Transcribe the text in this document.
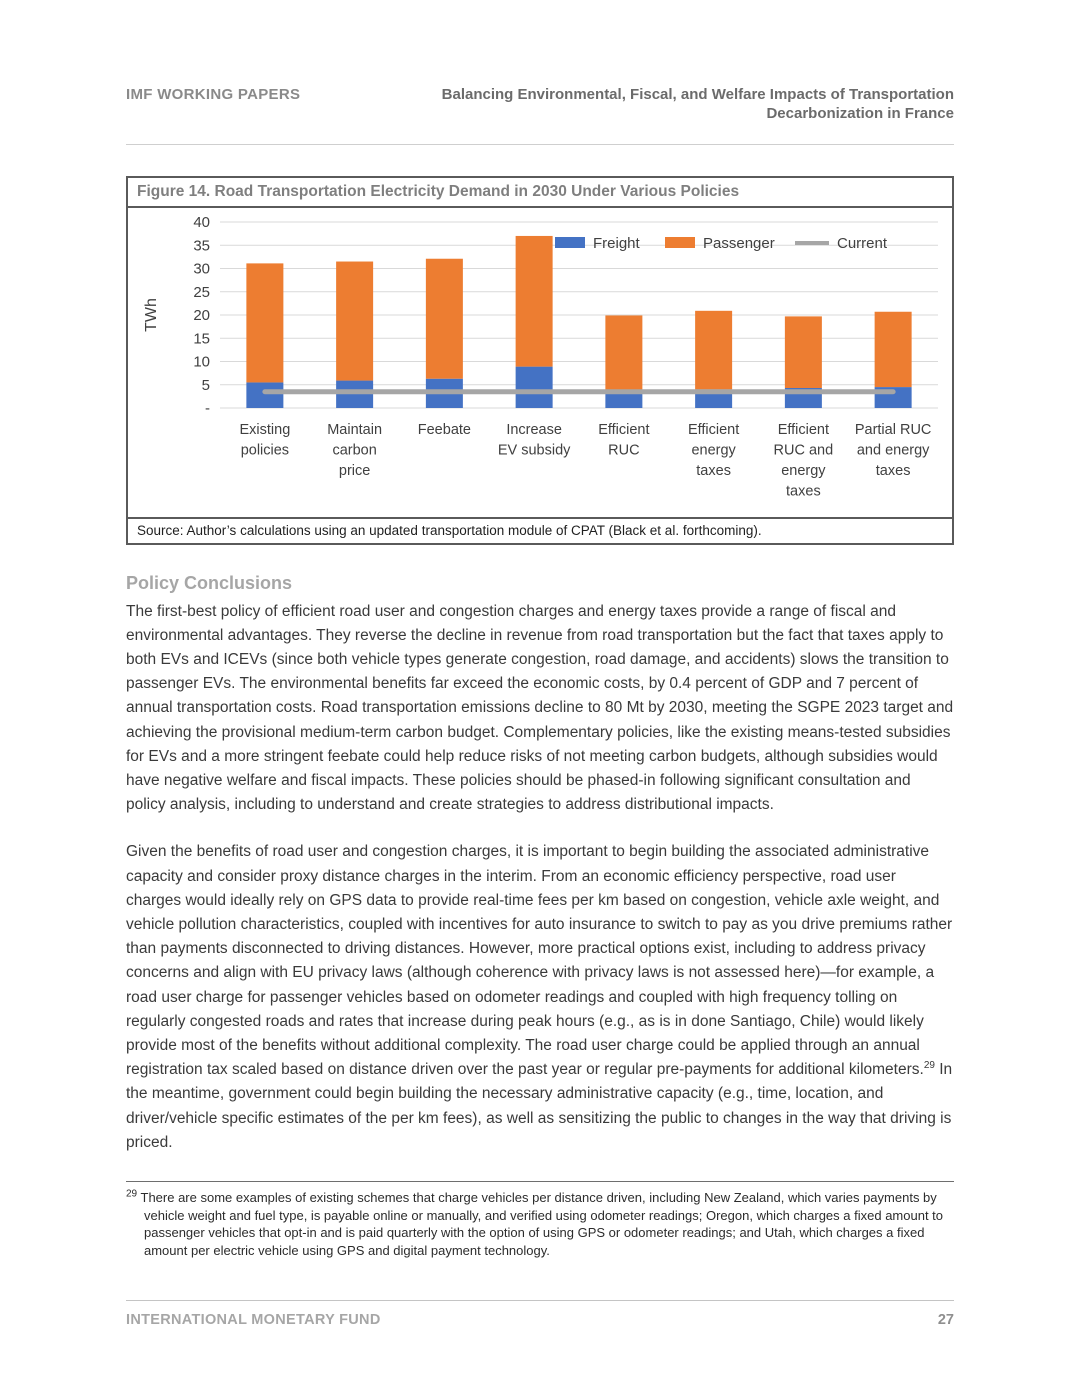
IMF WORKING PAPERS	Balancing Environmental, Fiscal, and Welfare Impacts of Transportation Decarbonization in France
Figure 14. Road Transportation Electricity Demand in 2030 Under Various Policies
40
35
30
25
20
15
10
5
-
TWh
Freight	Passenger	Current
Existing
policies
Maintain
carbon
price
Feebate Increase
EV subsidy
Efficient
RUC
Efficient
energy
taxes
Efficient
RUC and
energy
taxes
Partial RUC
and energy
taxes
Source: Author’s calculations using an updated transportation module of CPAT (Black et al. forthcoming).
Policy Conclusions

The first-best policy of efficient road user and congestion charges and energy taxes provide a range of fiscal and environmental advantages. They reverse the decline in revenue from road transportation but the fact that taxes apply to both EVs and ICEVs (since both vehicle types generate congestion, road damage, and accidents) slows the transition to passenger EVs. The environmental benefits far exceed the economic costs, by 0.4 percent of GDP and 7 percent of annual transportation costs. Road transportation emissions decline to 80 Mt by 2030, meeting the SGPE 2023 target and achieving the provisional medium-term carbon budget. Complementary policies, like the existing means-tested subsidies for EVs and a more stringent feebate could help reduce risks of not meeting carbon budgets, although subsidies would have negative welfare and fiscal impacts. These policies should be phased-in following significant consultation and policy analysis, including to understand and create strategies to address distributional impacts.

Given the benefits of road user and congestion charges, it is important to begin building the associated administrative capacity and consider proxy distance charges in the interim. From an economic efficiency perspective, road user charges would ideally rely on GPS data to provide real-time fees per km based on congestion, vehicle axle weight, and vehicle pollution characteristics, coupled with incentives for auto insurance to switch to pay as you drive premiums rather than payments disconnected to driving distances. However, more practical options exist, including to address privacy concerns and align with EU privacy laws (although coherence with privacy laws is not assessed here)—for example, a road user charge for passenger vehicles based on odometer readings and coupled with high frequency tolling on regularly congested roads and rates that increase during peak hours (e.g., as is in done Santiago, Chile) would likely provide most of the benefits without additional complexity. The road user charge could be applied through an annual registration tax scaled based on distance driven over the past year or regular pre-payments for additional kilometers.$^{29}$ In the meantime, government could begin building the necessary administrative capacity (e.g., time, location, and driver/vehicle specific estimates of the per km fees), as well as sensitizing the public to changes in the way that driving is priced.

$^{29}$ There are some examples of existing schemes that charge vehicles per distance driven, including New Zealand, which varies payments by vehicle weight and fuel type, is payable online or manually, and verified using odometer readings; Oregon, which charges a fixed amount to passenger vehicles that opt-in and is paid quarterly with the option of using GPS or odometer readings; and Utah, which charges a fixed amount per electric vehicle using GPS and digital payment technology.
INTERNATIONAL MONETARY FUND	27
